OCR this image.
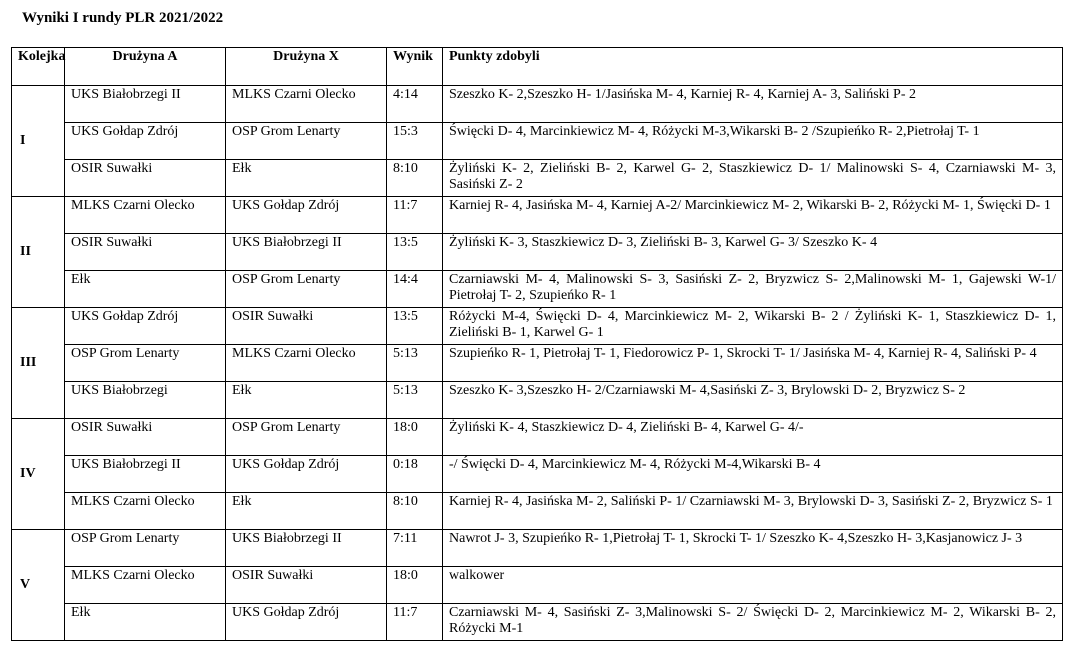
Wyniki I rundy PLR 2021/2022
Kolejka	Drużyna A	Drużyna X	Wynik	Punkty zdobyli
I	UKS Białobrzegi II	MLKS Czarni Olecko	4:14	Szeszko K- 2,Szeszko H- 1/Jasińska M- 4, Karniej R- 4, Karniej A- 3, Saliński P- 2
	UKS Gołdap Zdrój	OSP Grom Lenarty	15:3	Święcki D- 4, Marcinkiewicz M- 4, Różycki M-3,Wikarski B- 2 /Szupieńko R- 2,Pietrołaj T- 1
	OSIR Suwałki	Ełk	8:10	Żyliński K- 2, Zieliński B- 2, Karwel G- 2, Staszkiewicz D- 1/ Malinowski S- 4, Czarniawski M- 3, Sasiński Z- 2
II	MLKS Czarni Olecko	UKS Gołdap Zdrój	11:7	Karniej R- 4, Jasińska M- 4, Karniej A-2/ Marcinkiewicz M- 2, Wikarski B- 2, Różycki M- 1, Święcki D- 1
	OSIR Suwałki	UKS Białobrzegi II	13:5	Żyliński K- 3, Staszkiewicz D- 3, Zieliński B- 3, Karwel G- 3/ Szeszko K- 4
	Ełk	OSP Grom Lenarty	14:4	Czarniawski M- 4, Malinowski S- 3, Sasiński Z- 2, Bryzwicz S- 2,Malinowski M- 1, Gajewski W-1/ Pietrołaj T- 2, Szupieńko R- 1
III	UKS Gołdap Zdrój	OSIR Suwałki	13:5	Różycki M-4, Święcki D- 4, Marcinkiewicz M- 2, Wikarski B- 2 / Żyliński K- 1, Staszkiewicz D- 1, Zieliński B- 1, Karwel G- 1
	OSP Grom Lenarty	MLKS Czarni Olecko	5:13	Szupieńko R- 1, Pietrołaj T- 1, Fiedorowicz P- 1, Skrocki T- 1/ Jasińska M- 4, Karniej R- 4, Saliński P- 4
	UKS Białobrzegi	Ełk	5:13	Szeszko K- 3,Szeszko H- 2/Czarniawski M- 4,Sasiński Z- 3, Brylowski D- 2, Bryzwicz S- 2
IV	OSIR Suwałki	OSP Grom Lenarty	18:0	Żyliński K- 4, Staszkiewicz D- 4, Zieliński B- 4, Karwel G- 4/-
	UKS Białobrzegi II	UKS Gołdap Zdrój	0:18	-/ Święcki D- 4, Marcinkiewicz M- 4, Różycki M-4,Wikarski B- 4
	MLKS Czarni Olecko	Ełk	8:10	Karniej R- 4, Jasińska M- 2, Saliński P- 1/ Czarniawski M- 3, Brylowski D- 3, Sasiński Z- 2, Bryzwicz S- 1
V	OSP Grom Lenarty	UKS Białobrzegi II	7:11	Nawrot J- 3, Szupieńko R- 1,Pietrołaj T- 1, Skrocki T- 1/ Szeszko K- 4,Szeszko H- 3,Kasjanowicz J- 3
	MLKS Czarni Olecko	OSIR Suwałki	18:0	walkower
	Ełk	UKS Gołdap Zdrój	11:7	Czarniawski M- 4, Sasiński Z- 3,Malinowski S- 2/ Święcki D- 2, Marcinkiewicz M- 2, Wikarski B- 2, Różycki M-1
